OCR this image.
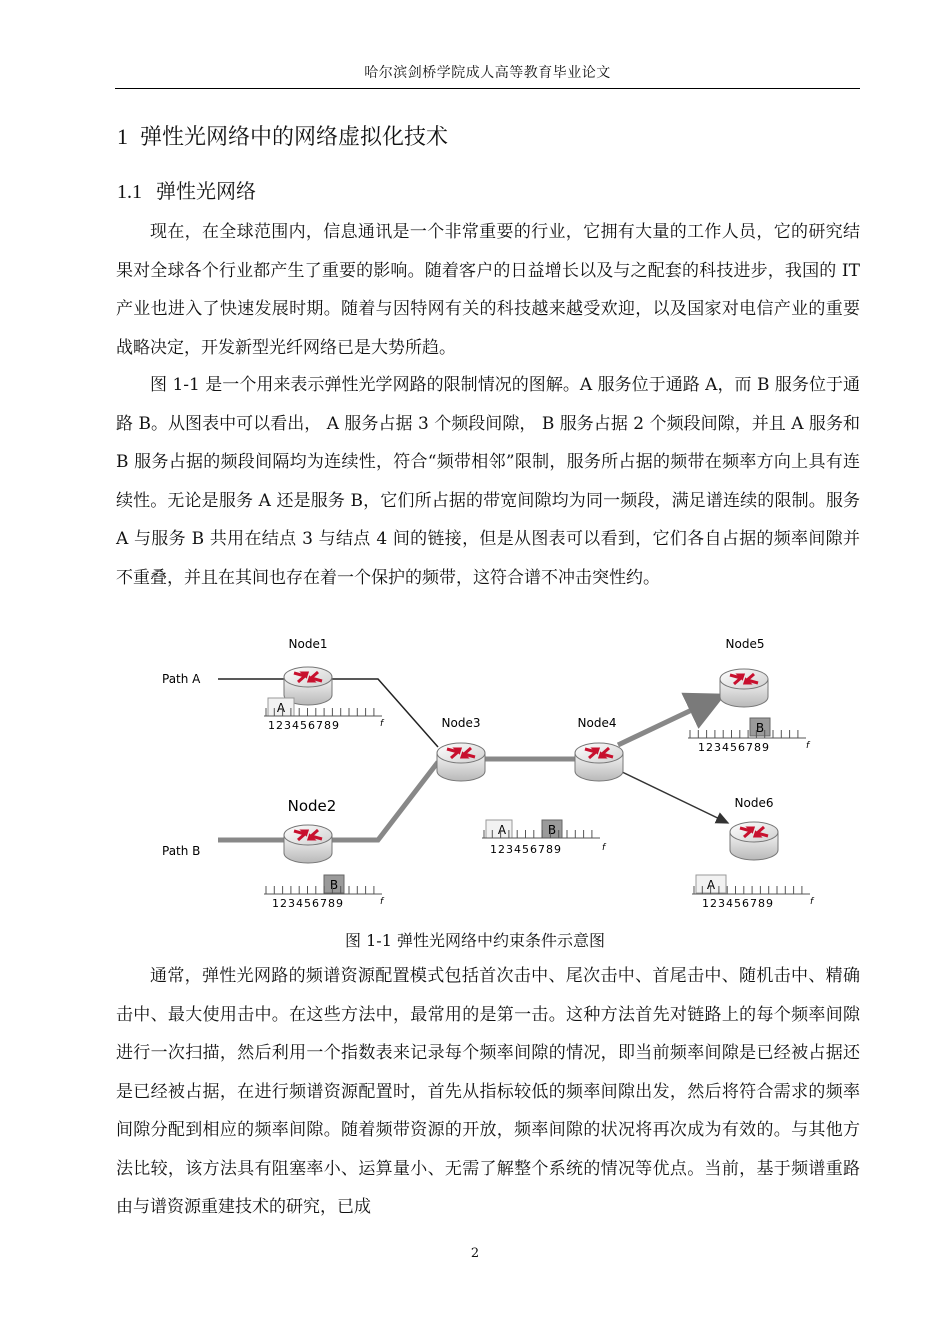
哈尔滨剑桥学院成人高等教育毕业论文
1 弹性光网络中的网络虚拟化技术
1.1 弹性光网络

现在，在全球范围内，信息通讯是一个非常重要的行业，它拥有大量的工作人员，它的研究结果对全球各个行业都产生了重要的影响。随着客户的日益增长以及与之配套的科技进步，我国的 IT 产业也进入了快速发展时期。随着与因特网有关的科技越来越受欢迎，以及国家对电信产业的重要战略决定，开发新型光纤网络已是大势所趋。

图 1-1 是一个用来表示弹性光学网路的限制情况的图解。A 服务位于通路 A，而 B 服务位于通路 B。从图表中可以看出， A 服务占据 3 个频段间隙， B 服务占据 2 个频段间隙，并且 A 服务和 B 服务占据的频段间隔均为连续性，符合“频带相邻”限制，服务所占据的频带在频率方向上具有连续性。无论是服务 A 还是服务 B，它们所占据的带宽间隙均为同一频段，满足谱连续的限制。服务 A 与服务 B 共用在结点 3 与结点 4 间的链接，但是从图表可以看到，它们各自占据的频率间隙并不重叠，并且在其间也存在着一个保护的频带，这符合谱不冲击突性约。

Node1
Node2
Node3	Node4
Node5
Node6
Path A
Path B
A
123456789	f
B
123456789	f
A	B
123456789	f
B
123456789	f
A
123456789	f
图 1-1 弹性光网络中约束条件示意图

通常，弹性光网路的频谱资源配置模式包括首次击中、尾次击中、首尾击中、随机击中、精确击中、最大使用击中。在这些方法中，最常用的是第一击。这种方法首先对链路上的每个频率间隙进行一次扫描，然后利用一个指数表来记录每个频率间隙的情况，即当前频率间隙是已经被占据还是已经被占据，在进行频谱资源配置时，首先从指标较低的频率间隙出发，然后将符合需求的频率间隙分配到相应的频率间隙。随着频带资源的开放，频率间隙的状况将再次成为有效的。与其他方法比较，该方法具有阻塞率小、运算量小、无需了解整个系统的情况等优点。当前，基于频谱重路由与谱资源重建技术的研究，已成

2
